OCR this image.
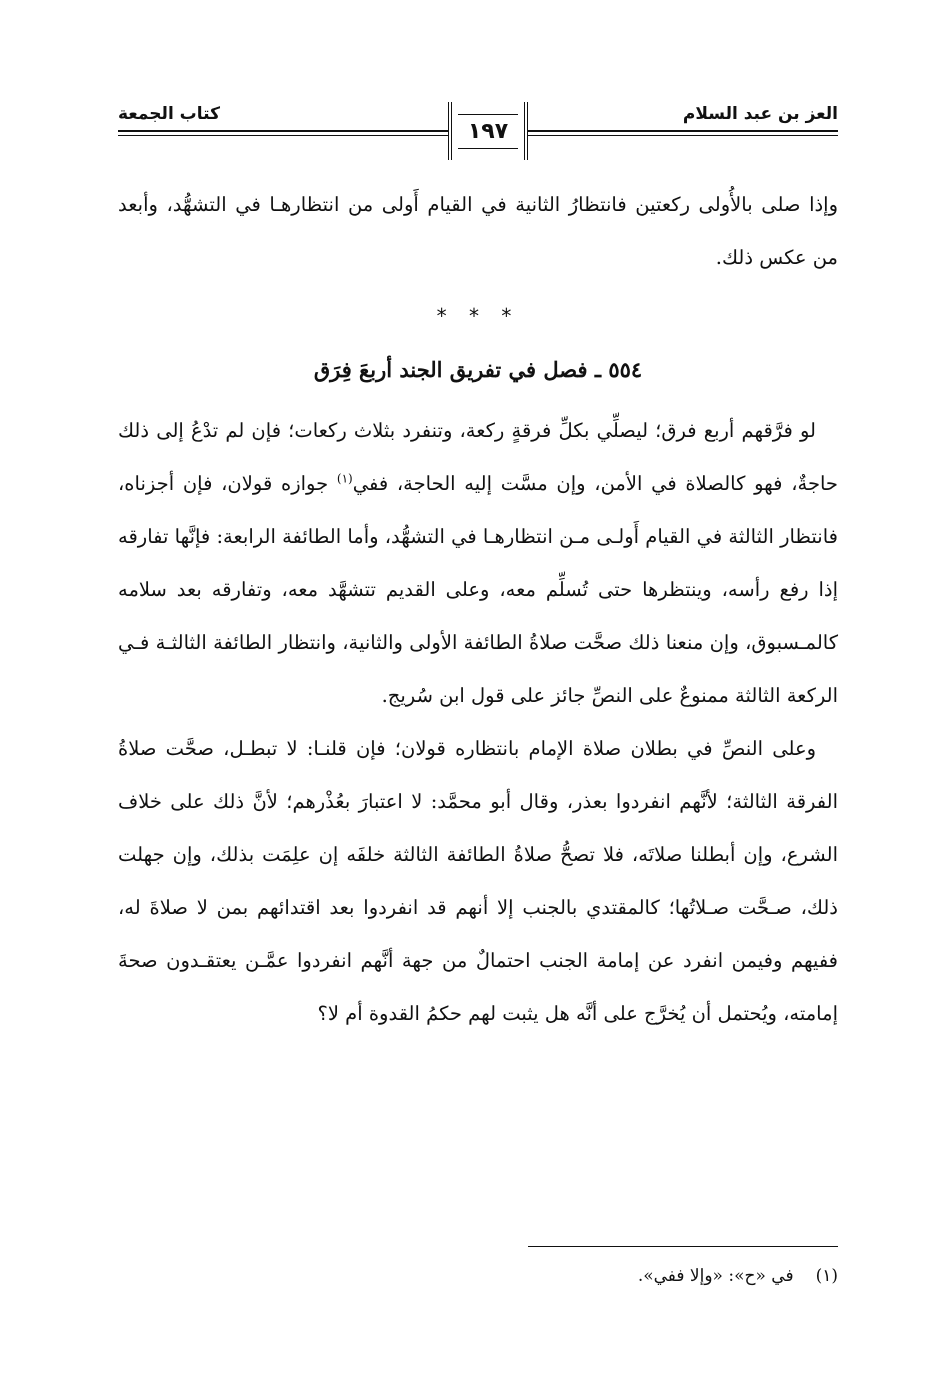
العز بن عبد السلام
كتاب الجمعة
١٩٧

وإذا صلى بالأُولى ركعتين فانتظارُ الثانية في القيام أَولى من انتظارهـا في التشهُّد، وأبعد من عكس ذلك.

* * *
٥٥٤ ـ فصل في تفريق الجند أربعَ فِرَق

لو فرَّقهم أربع فرق؛ ليصلِّي بكلِّ فرقةٍ ركعة، وتنفرد بثلاث ركعات؛ فإن لم تدْعُ إلى ذلك حاجةٌ، فهو كالصلاة في الأمن، وإن مسَّت إليه الحاجة، ففي$^{(١)}$ جوازه قولان، فإن أجزناه، فانتظار الثالثة في القيام أَولـى مـن انتظارهـا في التشهُّد، وأما الطائفة الرابعة: فإنَّها تفارقه إذا رفع رأسه، وينتظرها حتى تُسلِّم معه، وعلى القديم تتشهَّد معه، وتفارقه بعد سلامه كالمـسبوق، وإن منعنا ذلك صحَّت صلاةُ الطائفة الأولى والثانية، وانتظار الطائفة الثالثـة فـي الركعة الثالثة ممنوعٌ على النصِّ جائز على قول ابن سُريج.

وعلى النصِّ في بطلان صلاة الإمام بانتظاره قولان؛ فإن قلنـا: لا تبطـل، صحَّت صلاةُ الفرقة الثالثة؛ لأنَّهم انفردوا بعذر، وقال أبو محمَّد: لا اعتبارَ بعُذْرهم؛ لأنَّ ذلك على خلاف الشرع، وإن أبطلنا صلاتَه، فلا تصحُّ صلاةُ الطائفة الثالثة خلفَه إن علِمَت بذلك، وإن جهلت ذلك، صـحَّت صـلاتُها؛ كالمقتدي بالجنب إلا أنهم قد انفردوا بعد اقتدائهم بمن لا صلاةَ له، ففيهم وفيمن انفرد عن إمامة الجنب احتمالٌ من جهة أنَّهم انفردوا عمَّـن يعتقـدون صحةَ إمامته، ويُحتمل أن يُخرَّج على أنَّه هل يثبت لهم حكمُ القدوة أم لا؟

(١)في «ح»: «وإلا ففي».
